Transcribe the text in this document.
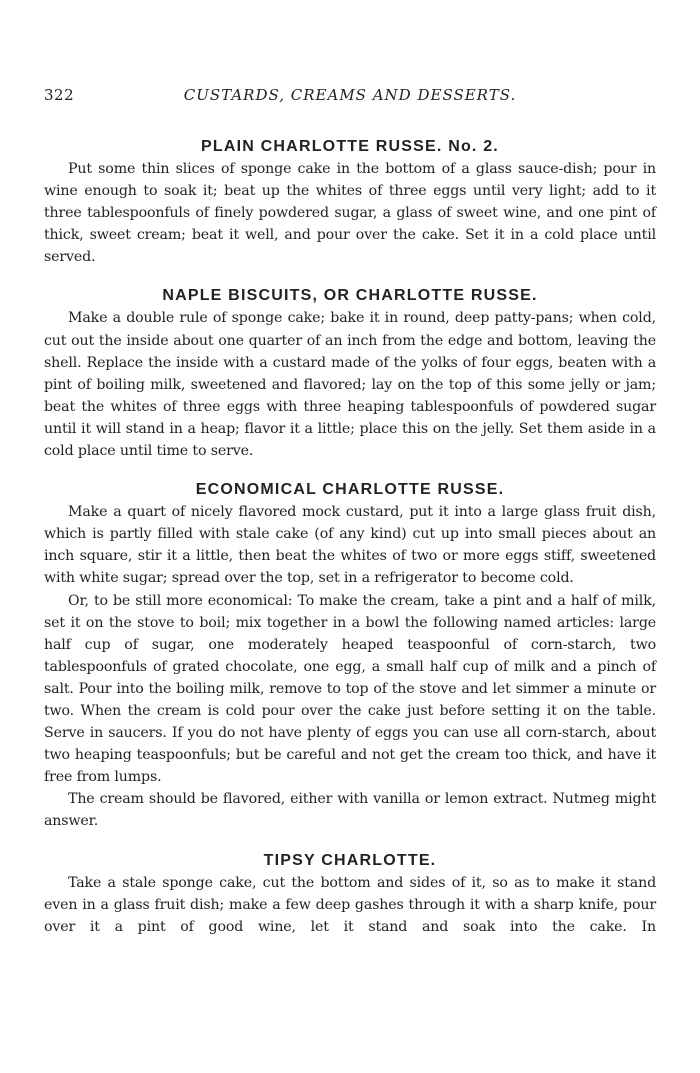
322	CUSTARDS, CREAMS AND DESSERTS.
PLAIN CHARLOTTE RUSSE. No. 2.

Put some thin slices of sponge cake in the bottom of a glass sauce-dish; pour in wine enough to soak it; beat up the whites of three eggs until very light; add to it three tablespoonfuls of finely powdered sugar, a glass of sweet wine, and one pint of thick, sweet cream; beat it well, and pour over the cake. Set it in a cold place until served.

NAPLE BISCUITS, OR CHARLOTTE RUSSE.

Make a double rule of sponge cake; bake it in round, deep patty-pans; when cold, cut out the inside about one quarter of an inch from the edge and bottom, leaving the shell. Replace the inside with a custard made of the yolks of four eggs, beaten with a pint of boiling milk, sweetened and flavored; lay on the top of this some jelly or jam; beat the whites of three eggs with three heaping tablespoonfuls of powdered sugar until it will stand in a heap; flavor it a little; place this on the jelly. Set them aside in a cold place until time to serve.

ECONOMICAL CHARLOTTE RUSSE.

Make a quart of nicely flavored mock custard, put it into a large glass fruit dish, which is partly filled with stale cake (of any kind) cut up into small pieces about an inch square, stir it a little, then beat the whites of two or more eggs stiff, sweetened with white sugar; spread over the top, set in a refrigerator to become cold.

Or, to be still more economical: To make the cream, take a pint and a half of milk, set it on the stove to boil; mix together in a bowl the following named articles: large half cup of sugar, one moderately heaped teaspoonful of corn-starch, two tablespoonfuls of grated chocolate, one egg, a small half cup of milk and a pinch of salt. Pour into the boiling milk, remove to top of the stove and let simmer a minute or two. When the cream is cold pour over the cake just before setting it on the table. Serve in saucers. If you do not have plenty of eggs you can use all corn-starch, about two heaping teaspoonfuls; but be careful and not get the cream too thick, and have it free from lumps.

The cream should be flavored, either with vanilla or lemon extract. Nutmeg might answer.

TIPSY CHARLOTTE.

Take a stale sponge cake, cut the bottom and sides of it, so as to make it stand even in a glass fruit dish; make a few deep gashes through it with a sharp knife, pour over it a pint of good wine, let it stand and soak into the cake. In
